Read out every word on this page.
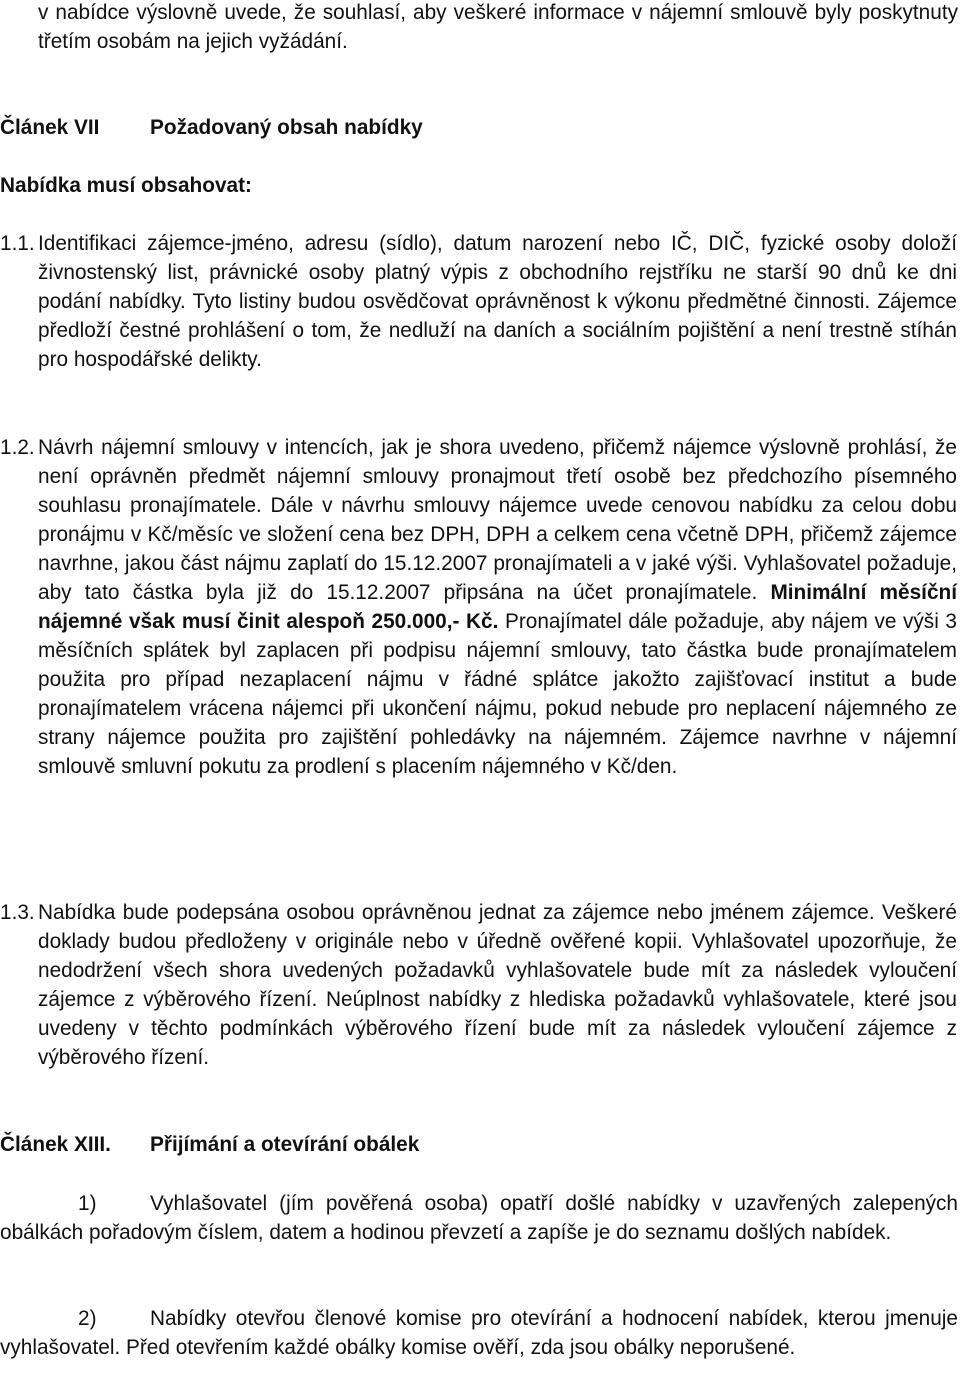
v nabídce výslovně uvede, že souhlasí, aby veškeré informace v nájemní smlouvě byly poskytnuty třetím osobám na jejich vyžádání.
Článek VII Požadovaný obsah nabídky
Nabídka musí obsahovat:
1.1. Identifikaci zájemce-jméno, adresu (sídlo), datum narození nebo IČ, DIČ, fyzické osoby doloží živnostenský list, právnické osoby platný výpis z obchodního rejstříku ne starší 90 dnů ke dni podání nabídky. Tyto listiny budou osvědčovat oprávněnost k výkonu předmětné činnosti. Zájemce předloží čestné prohlášení o tom, že nedluží na daních a sociálním pojištění a není trestně stíhán pro hospodářské delikty.
1.2. Návrh nájemní smlouvy v intencích, jak je shora uvedeno, přičemž nájemce výslovně prohlásí, že není oprávněn předmět nájemní smlouvy pronajmout třetí osobě bez předchozího písemného souhlasu pronajímatele. Dále v návrhu smlouvy nájemce uvede cenovou nabídku za celou dobu pronájmu v Kč/měsíc ve složení cena bez DPH, DPH a celkem cena včetně DPH, přičemž zájemce navrhne, jakou část nájmu zaplatí do 15.12.2007 pronajímateli a v jaké výši. Vyhlašovatel požaduje, aby tato částka byla již do 15.12.2007 připsána na účet pronajímatele. Minimální měsíční nájemné však musí činit alespoň 250.000,- Kč. Pronajímatel dále požaduje, aby nájem ve výši 3 měsíčních splátek byl zaplacen při podpisu nájemní smlouvy, tato částka bude pronajímatelem použita pro případ nezaplacení nájmu v řádné splátce jakožto zajišťovací institut a bude pronajímatelem vrácena nájemci při ukončení nájmu, pokud nebude pro neplacení nájemného ze strany nájemce použita pro zajištění pohledávky na nájemném. Zájemce navrhne v nájemní smlouvě smluvní pokutu za prodlení s placením nájemného v Kč/den.
1.3. Nabídka bude podepsána osobou oprávněnou jednat za zájemce nebo jménem zájemce. Veškeré doklady budou předloženy v originále nebo v úředně ověřené kopii. Vyhlašovatel upozorňuje, že nedodržení všech shora uvedených požadavků vyhlašovatele bude mít za následek vyloučení zájemce z výběrového řízení. Neúplnost nabídky z hlediska požadavků vyhlašovatele, které jsou uvedeny v těchto podmínkách výběrového řízení bude mít za následek vyloučení zájemce z výběrového řízení.
Článek XIII. Přijímání a otevírání obálek
1)	Vyhlašovatel (jím pověřená osoba) opatří došlé nabídky v uzavřených zalepených obálkách pořadovým číslem, datem a hodinou převzetí a zapíše je do seznamu došlých nabídek.
2)	Nabídky otevřou členové komise pro otevírání a hodnocení nabídek, kterou jmenuje vyhlašovatel. Před otevřením každé obálky komise ověří, zda jsou obálky neporušené.
